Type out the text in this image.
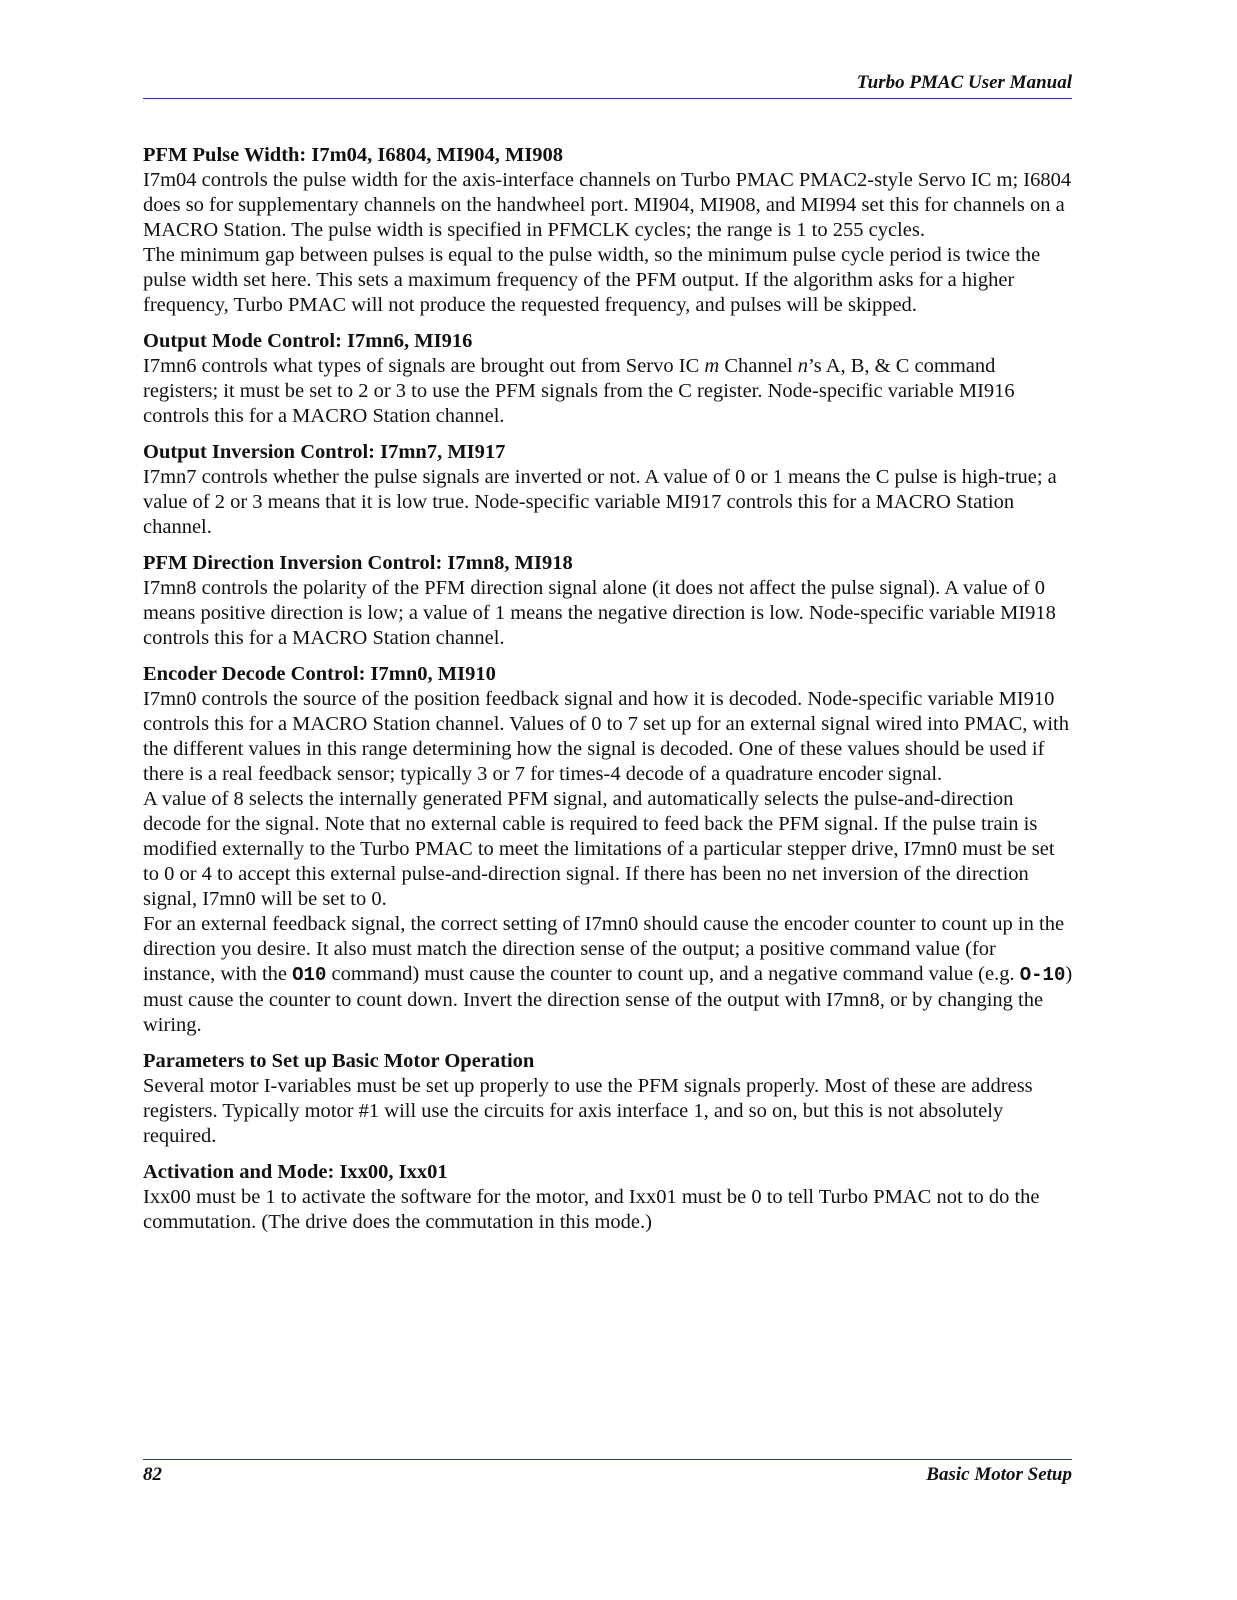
Turbo PMAC User Manual
PFM Pulse Width: I7m04, I6804, MI904, MI908

I7m04 controls the pulse width for the axis-interface channels on Turbo PMAC PMAC2-style Servo IC m; I6804 does so for supplementary channels on the handwheel port. MI904, MI908, and MI994 set this for channels on a MACRO Station. The pulse width is specified in PFMCLK cycles; the range is 1 to 255 cycles.

The minimum gap between pulses is equal to the pulse width, so the minimum pulse cycle period is twice the pulse width set here. This sets a maximum frequency of the PFM output. If the algorithm asks for a higher frequency, Turbo PMAC will not produce the requested frequency, and pulses will be skipped.

Output Mode Control: I7mn6, MI916

I7mn6 controls what types of signals are brought out from Servo IC m Channel n’s A, B, & C command registers; it must be set to 2 or 3 to use the PFM signals from the C register. Node-specific variable MI916 controls this for a MACRO Station channel.

Output Inversion Control: I7mn7, MI917

I7mn7 controls whether the pulse signals are inverted or not. A value of 0 or 1 means the C pulse is high-true; a value of 2 or 3 means that it is low true. Node-specific variable MI917 controls this for a MACRO Station channel.

PFM Direction Inversion Control: I7mn8, MI918

I7mn8 controls the polarity of the PFM direction signal alone (it does not affect the pulse signal). A value of 0 means positive direction is low; a value of 1 means the negative direction is low. Node-specific variable MI918 controls this for a MACRO Station channel.

Encoder Decode Control: I7mn0, MI910

I7mn0 controls the source of the position feedback signal and how it is decoded. Node-specific variable MI910 controls this for a MACRO Station channel. Values of 0 to 7 set up for an external signal wired into PMAC, with the different values in this range determining how the signal is decoded. One of these values should be used if there is a real feedback sensor; typically 3 or 7 for times-4 decode of a quadrature encoder signal.

A value of 8 selects the internally generated PFM signal, and automatically selects the pulse-and-direction decode for the signal. Note that no external cable is required to feed back the PFM signal. If the pulse train is modified externally to the Turbo PMAC to meet the limitations of a particular stepper drive, I7mn0 must be set to 0 or 4 to accept this external pulse-and-direction signal. If there has been no net inversion of the direction signal, I7mn0 will be set to 0.

For an external feedback signal, the correct setting of I7mn0 should cause the encoder counter to count up in the direction you desire. It also must match the direction sense of the output; a positive command value (for instance, with the O10 command) must cause the counter to count up, and a negative command value (e.g. O-10) must cause the counter to count down. Invert the direction sense of the output with I7mn8, or by changing the wiring.

Parameters to Set up Basic Motor Operation

Several motor I-variables must be set up properly to use the PFM signals properly. Most of these are address registers. Typically motor #1 will use the circuits for axis interface 1, and so on, but this is not absolutely required.

Activation and Mode: Ixx00, Ixx01

Ixx00 must be 1 to activate the software for the motor, and Ixx01 must be 0 to tell Turbo PMAC not to do the commutation. (The drive does the commutation in this mode.)

82	Basic Motor Setup
